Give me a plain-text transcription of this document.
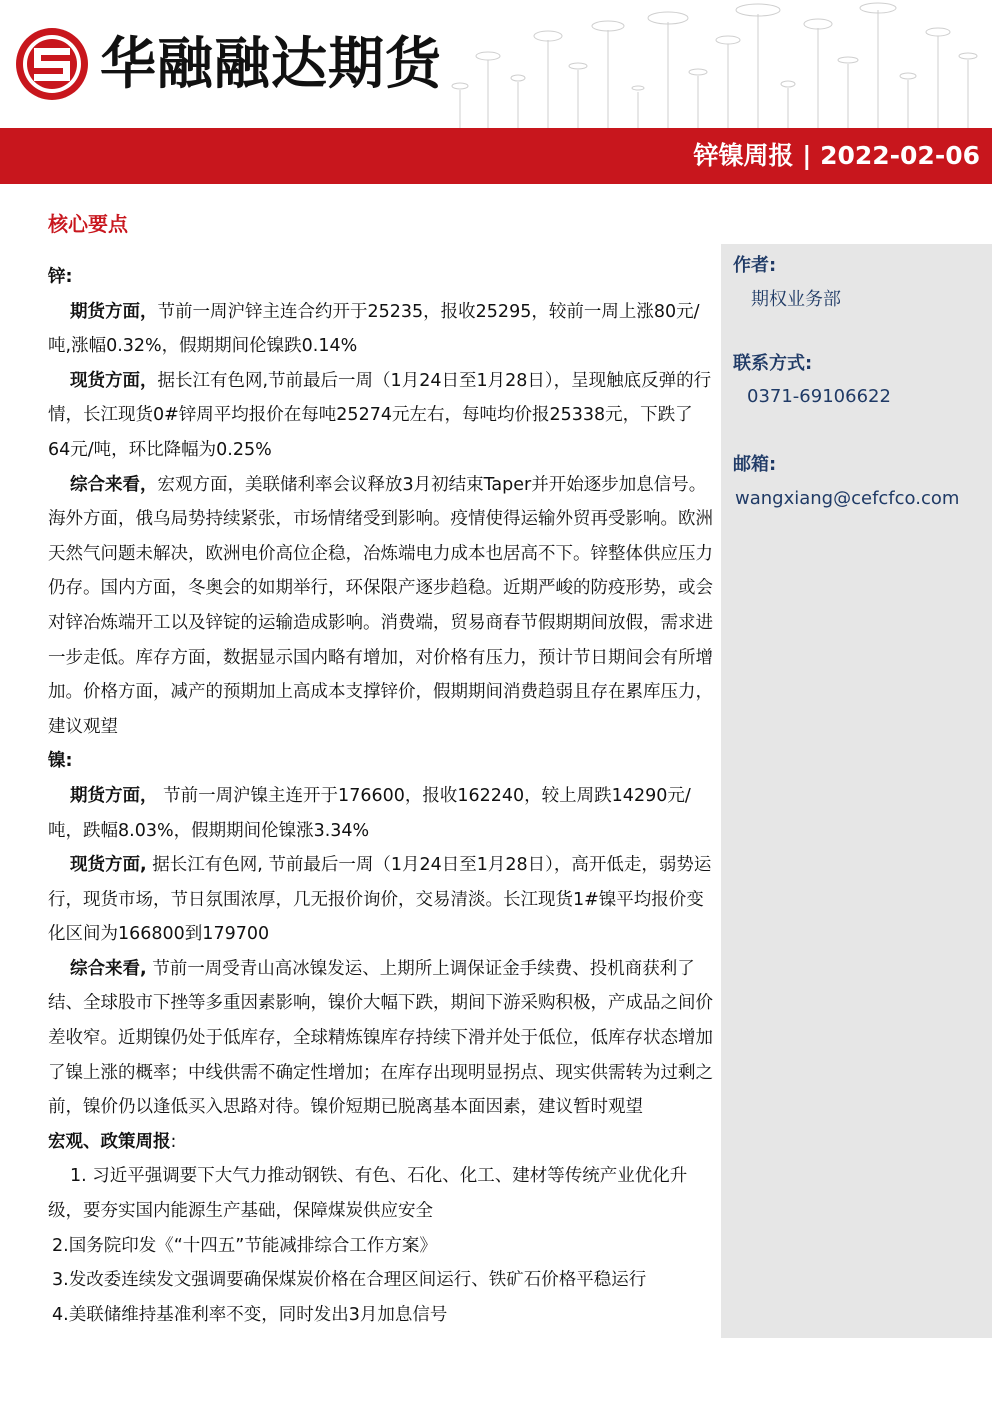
华融融达期货
锌镍周报 | 2022-02-06
核心要点
作者:
期权业务部
联系方式:
0371-69106622
邮箱:
wangxiang@cefcfco.com

锌:

期货方面，节前一周沪锌主连合约开于25235，报收25295，较前一周上涨80元/吨,涨幅0.32%，假期期间伦镍跌0.14%

现货方面，据长江有色网,节前最后一周（1月24日至1月28日），呈现触底反弹的行情，长江现货0#锌周平均报价在每吨25274元左右，每吨均价报25338元，下跌了64元/吨，环比降幅为0.25%

综合来看，宏观方面，美联储利率会议释放3月初结束Taper并开始逐步加息信号。海外方面，俄乌局势持续紧张，市场情绪受到影响。疫情使得运输外贸再受影响。欧洲天然气问题未解决，欧洲电价高位企稳，冶炼端电力成本也居高不下。锌整体供应压力仍存。国内方面，冬奥会的如期举行，环保限产逐步趋稳。近期严峻的防疫形势，或会对锌冶炼端开工以及锌锭的运输造成影响。消费端，贸易商春节假期期间放假，需求进一步走低。库存方面，数据显示国内略有增加，对价格有压力，预计节日期间会有所增加。价格方面，减产的预期加上高成本支撑锌价，假期期间消费趋弱且存在累库压力，建议观望

镍:

期货方面， 节前一周沪镍主连开于176600，报收162240，较上周跌14290元/吨，跌幅8.03%，假期期间伦镍涨3.34%

现货方面, 据长江有色网, 节前最后一周（1月24日至1月28日），高开低走，弱势运行，现货市场，节日氛围浓厚，几无报价询价，交易清淡。长江现货1#镍平均报价变化区间为166800到179700

综合来看, 节前一周受青山高冰镍发运、上期所上调保证金手续费、投机商获利了结、全球股市下挫等多重因素影响，镍价大幅下跌，期间下游采购积极，产成品之间价差收窄。近期镍仍处于低库存，全球精炼镍库存持续下滑并处于低位，低库存状态增加了镍上涨的概率；中线供需不确定性增加；在库存出现明显拐点、现实供需转为过剩之前，镍价仍以逢低买入思路对待。镍价短期已脱离基本面因素，建议暂时观望

宏观、政策周报:

1. 习近平强调要下大气力推动钢铁、有色、石化、化工、建材等传统产业优化升级，要夯实国内能源生产基础，保障煤炭供应安全

2.国务院印发《“十四五”节能减排综合工作方案》

3.发改委连续发文强调要确保煤炭价格在合理区间运行、铁矿石价格平稳运行

4.美联储维持基准利率不变，同时发出3月加息信号
